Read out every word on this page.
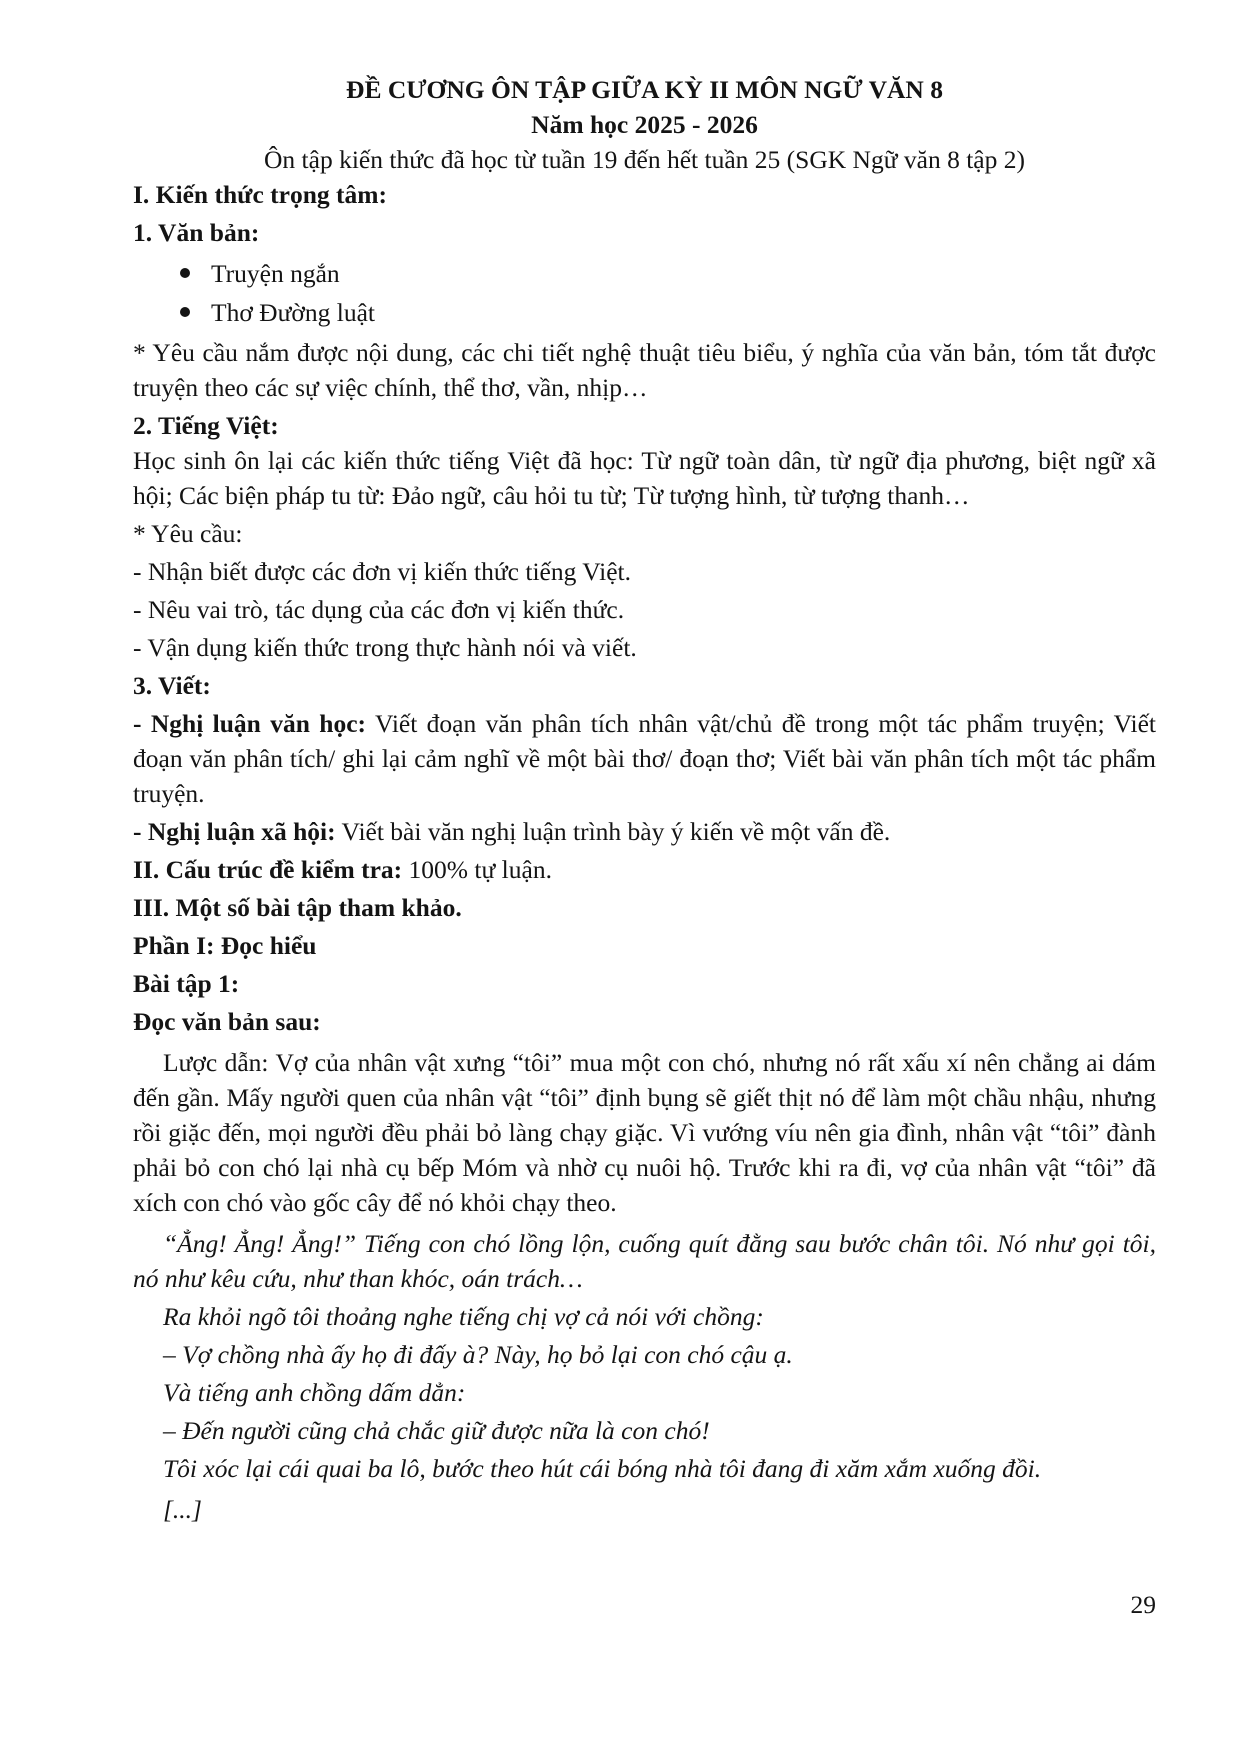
ĐỀ CƯƠNG ÔN TẬP GIỮA KỲ II MÔN NGỮ VĂN 8

Năm học 2025 - 2026

Ôn tập kiến thức đã học từ tuần 19 đến hết tuần 25 (SGK Ngữ văn 8 tập 2)

I. Kiến thức trọng tâm:

1. Văn bản:

Truyện ngắn
Thơ Đường luật

* Yêu cầu nắm được nội dung, các chi tiết nghệ thuật tiêu biểu, ý nghĩa của văn bản, tóm tắt được truyện theo các sự việc chính, thể thơ, vần, nhịp…

2. Tiếng Việt:

Học sinh ôn lại các kiến thức tiếng Việt đã học: Từ ngữ toàn dân, từ ngữ địa phương, biệt ngữ xã hội; Các biện pháp tu từ: Đảo ngữ, câu hỏi tu từ; Từ tượng hình, từ tượng thanh…

* Yêu cầu:

- Nhận biết được các đơn vị kiến thức tiếng Việt.

- Nêu vai trò, tác dụng của các đơn vị kiến thức.

- Vận dụng kiến thức trong thực hành nói và viết.

3. Viết:

- Nghị luận văn học: Viết đoạn văn phân tích nhân vật/chủ đề trong một tác phẩm truyện; Viết đoạn văn phân tích/ ghi lại cảm nghĩ về một bài thơ/ đoạn thơ; Viết bài văn phân tích một tác phẩm truyện.

- Nghị luận xã hội: Viết bài văn nghị luận trình bày ý kiến về một vấn đề.

II. Cấu trúc đề kiểm tra: 100% tự luận.

III. Một số bài tập tham khảo.

Phần I: Đọc hiểu

Bài tập 1:

Đọc văn bản sau:

Lược dẫn: Vợ của nhân vật xưng “tôi” mua một con chó, nhưng nó rất xấu xí nên chẳng ai dám đến gần. Mấy người quen của nhân vật “tôi” định bụng sẽ giết thịt nó để làm một chầu nhậu, nhưng rồi giặc đến, mọi người đều phải bỏ làng chạy giặc. Vì vướng víu nên gia đình, nhân vật “tôi” đành phải bỏ con chó lại nhà cụ bếp Móm và nhờ cụ nuôi hộ. Trước khi ra đi, vợ của nhân vật “tôi” đã xích con chó vào gốc cây để nó khỏi chạy theo.

“Ẳng! Ẳng! Ẳng!” Tiếng con chó lồng lộn, cuống quít đằng sau bước chân tôi. Nó như gọi tôi, nó như kêu cứu, như than khóc, oán trách…

Ra khỏi ngõ tôi thoảng nghe tiếng chị vợ cả nói với chồng:

– Vợ chồng nhà ấy họ đi đấy à? Này, họ bỏ lại con chó cậu ạ.

Và tiếng anh chồng dấm dẳn:

– Đến người cũng chả chắc giữ được nữa là con chó!

Tôi xóc lại cái quai ba lô, bước theo hút cái bóng nhà tôi đang đi xăm xắm xuống đồi.

[...]

29
